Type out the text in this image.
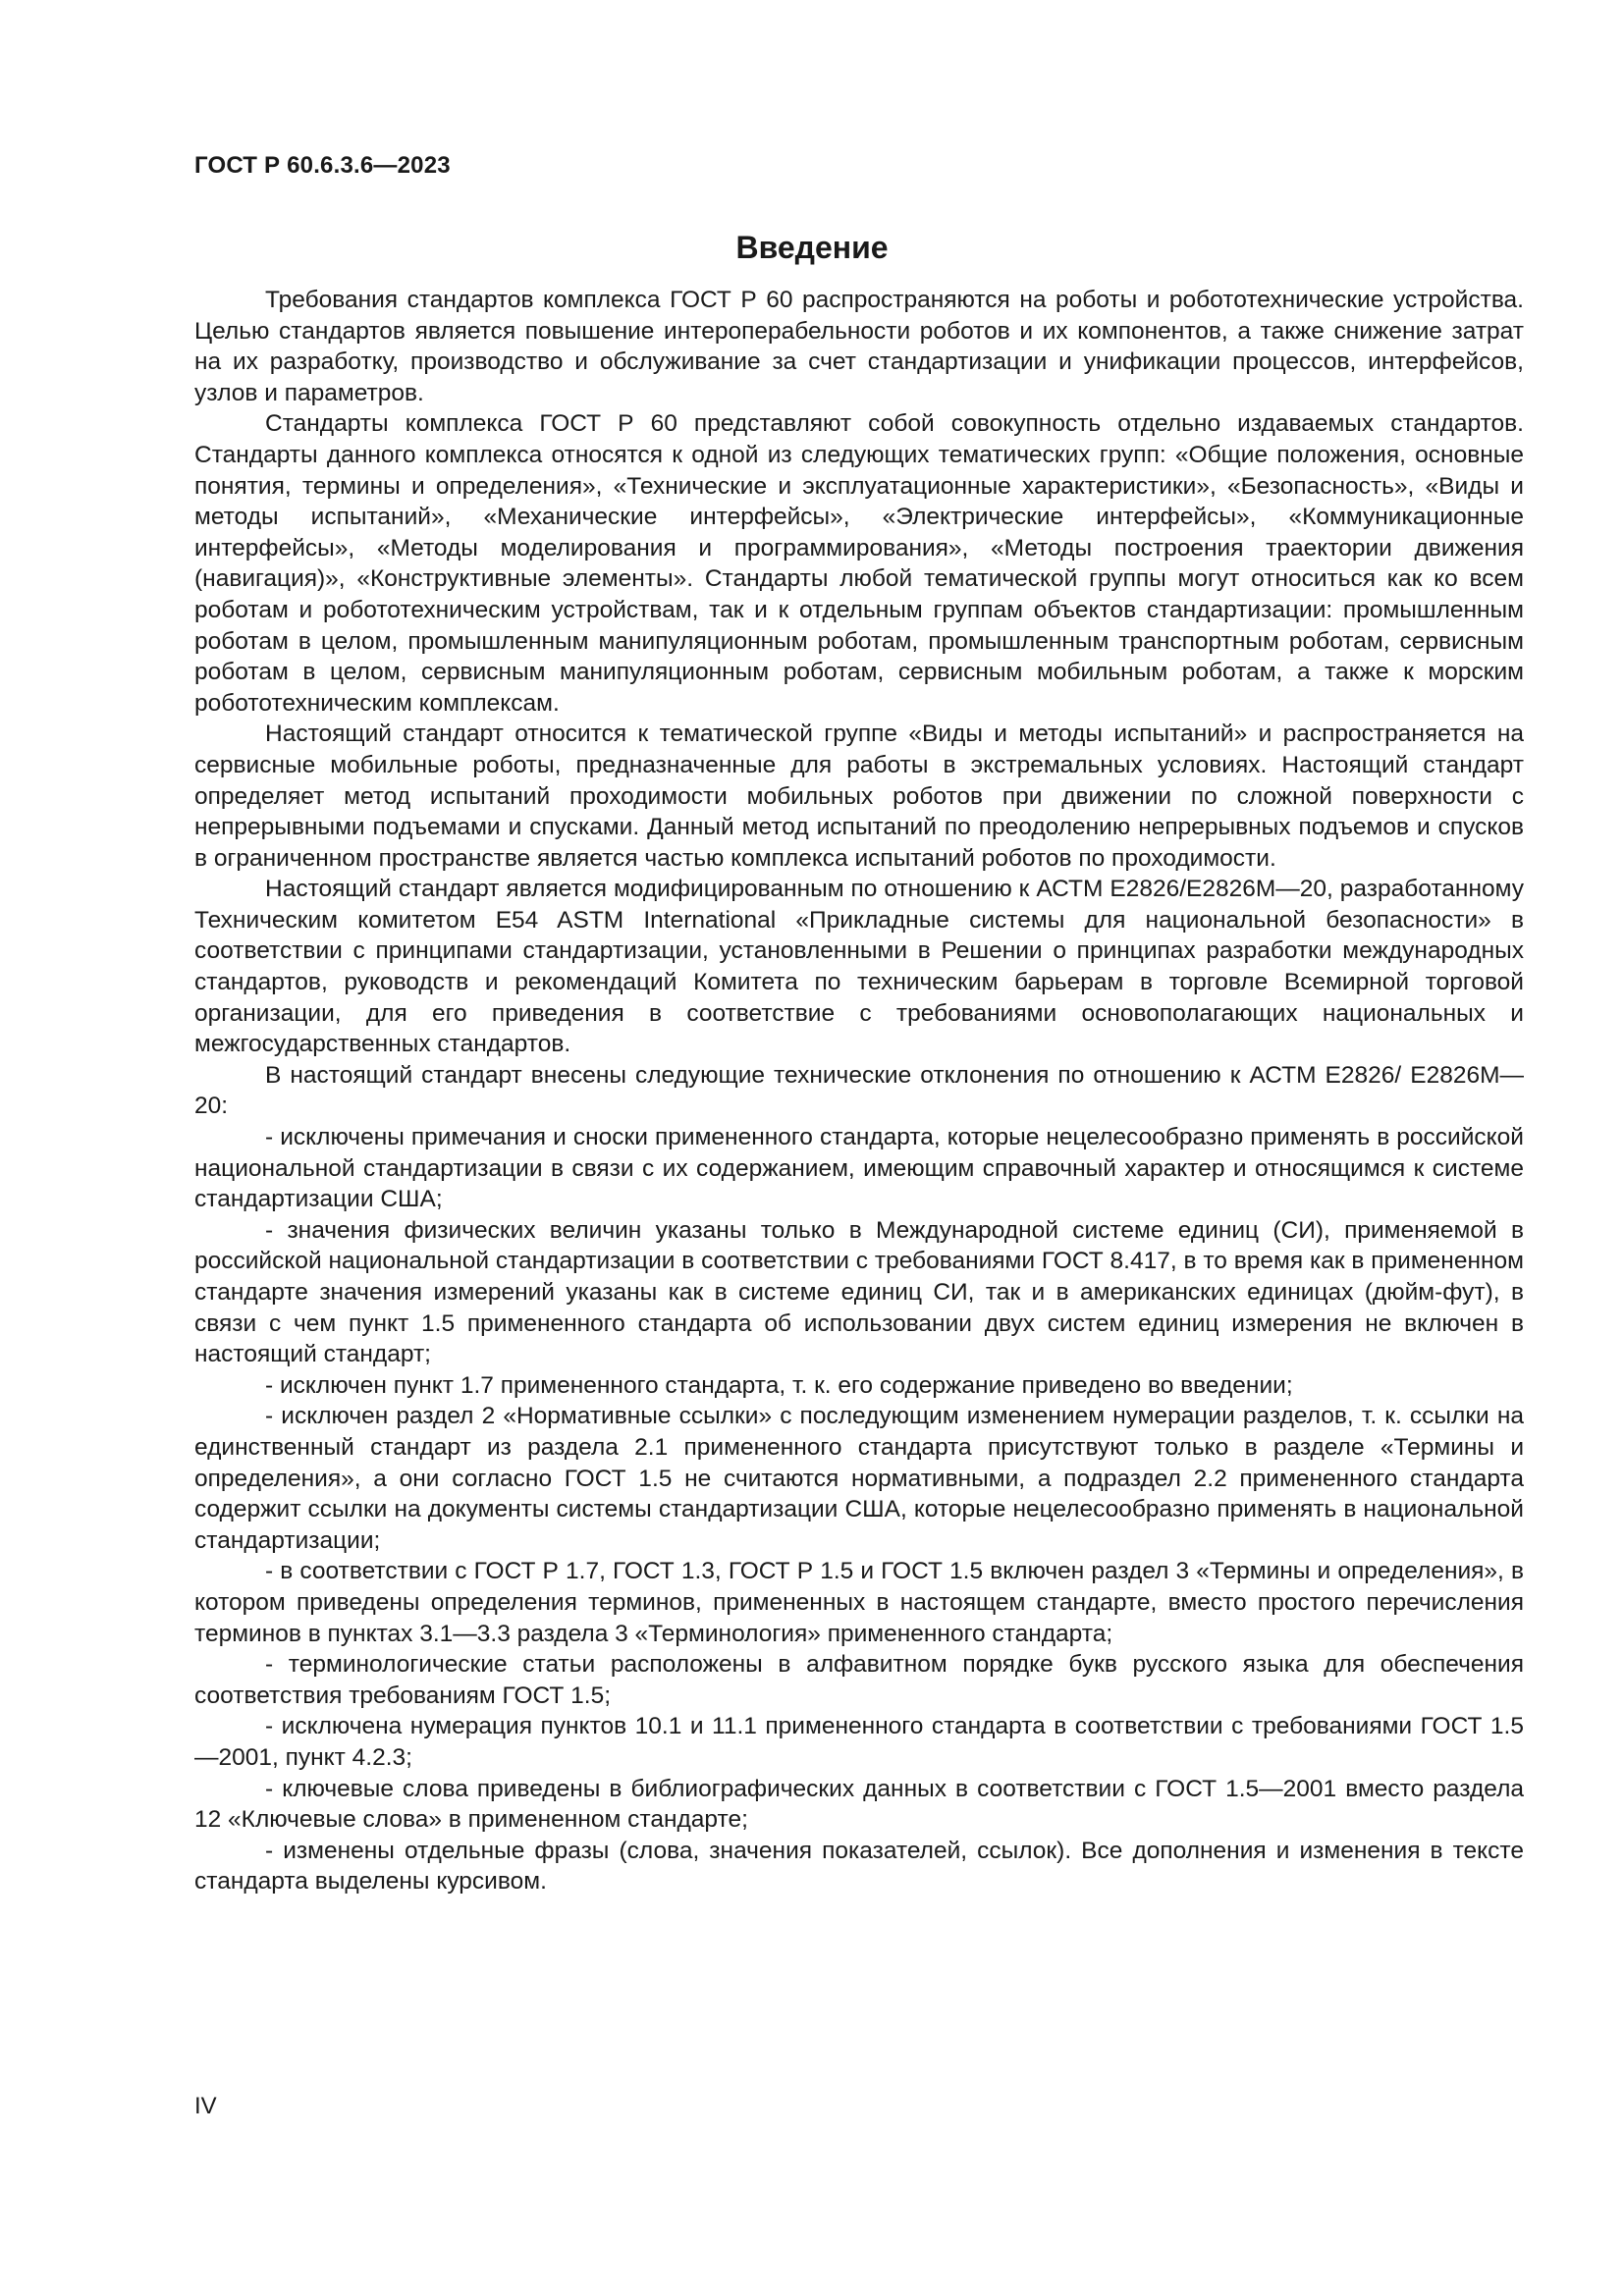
ГОСТ Р 60.6.3.6—2023
Введение

Требования стандартов комплекса ГОСТ Р 60 распространяются на роботы и робототехнические устройства. Целью стандартов является повышение интероперабельности роботов и их компонентов, а также снижение затрат на их разработку, производство и обслуживание за счет стандартизации и унификации процессов, интерфейсов, узлов и параметров.

Стандарты комплекса ГОСТ Р 60 представляют собой совокупность отдельно издаваемых стандартов. Стандарты данного комплекса относятся к одной из следующих тематических групп: «Общие положения, основные понятия, термины и определения», «Технические и эксплуатационные характеристики», «Безопасность», «Виды и методы испытаний», «Механические интерфейсы», «Электрические интерфейсы», «Коммуникационные интерфейсы», «Методы моделирования и программирования», «Методы построения траектории движения (навигация)», «Конструктивные элементы». Стандарты любой тематической группы могут относиться как ко всем роботам и робототехническим устройствам, так и к отдельным группам объектов стандартизации: промышленным роботам в целом, промышленным манипуляционным роботам, промышленным транспортным роботам, сервисным роботам в целом, сервисным манипуляционным роботам, сервисным мобильным роботам, а также к морским робототехническим комплексам.

Настоящий стандарт относится к тематической группе «Виды и методы испытаний» и распространяется на сервисные мобильные роботы, предназначенные для работы в экстремальных условиях. Настоящий стандарт определяет метод испытаний проходимости мобильных роботов при движении по сложной поверхности с непрерывными подъемами и спусками. Данный метод испытаний по преодолению непрерывных подъемов и спусков в ограниченном пространстве является частью комплекса испытаний роботов по проходимости.

Настоящий стандарт является модифицированным по отношению к АСТМ Е2826/Е2826М—20, разработанному Техническим комитетом E54 ASTM International «Прикладные системы для национальной безопасности» в соответствии с принципами стандартизации, установленными в Решении о принципах разработки международных стандартов, руководств и рекомендаций Комитета по техническим барьерам в торговле Всемирной торговой организации, для его приведения в соответствие с требованиями основополагающих национальных и межгосударственных стандартов.

В настоящий стандарт внесены следующие технические отклонения по отношению к АСТМ Е2826/ Е2826М—20:

- исключены примечания и сноски примененного стандарта, которые нецелесообразно применять в российской национальной стандартизации в связи с их содержанием, имеющим справочный характер и относящимся к системе стандартизации США;

- значения физических величин указаны только в Международной системе единиц (СИ), применяемой в российской национальной стандартизации в соответствии с требованиями ГОСТ 8.417, в то время как в примененном стандарте значения измерений указаны как в системе единиц СИ, так и в американских единицах (дюйм-фут), в связи с чем пункт 1.5 примененного стандарта об использовании двух систем единиц измерения не включен в настоящий стандарт;

- исключен пункт 1.7 примененного стандарта, т. к. его содержание приведено во введении;

- исключен раздел 2 «Нормативные ссылки» с последующим изменением нумерации разделов, т. к. ссылки на единственный стандарт из раздела 2.1 примененного стандарта присутствуют только в разделе «Термины и определения», а они согласно ГОСТ 1.5 не считаются нормативными, а подраздел 2.2 примененного стандарта содержит ссылки на документы системы стандартизации США, которые нецелесообразно применять в национальной стандартизации;

- в соответствии с ГОСТ Р 1.7, ГОСТ 1.3, ГОСТ Р 1.5 и ГОСТ 1.5 включен раздел 3 «Термины и определения», в котором приведены определения терминов, примененных в настоящем стандарте, вместо простого перечисления терминов в пунктах 3.1—3.3 раздела 3 «Терминология» примененного стандарта;

- терминологические статьи расположены в алфавитном порядке букв русского языка для обеспечения соответствия требованиям ГОСТ 1.5;

- исключена нумерация пунктов 10.1 и 11.1 примененного стандарта в соответствии с требованиями ГОСТ 1.5—2001, пункт 4.2.3;

- ключевые слова приведены в библиографических данных в соответствии с ГОСТ 1.5—2001 вместо раздела 12 «Ключевые слова» в примененном стандарте;

- изменены отдельные фразы (слова, значения показателей, ссылок). Все дополнения и изменения в тексте стандарта выделены курсивом.

IV
